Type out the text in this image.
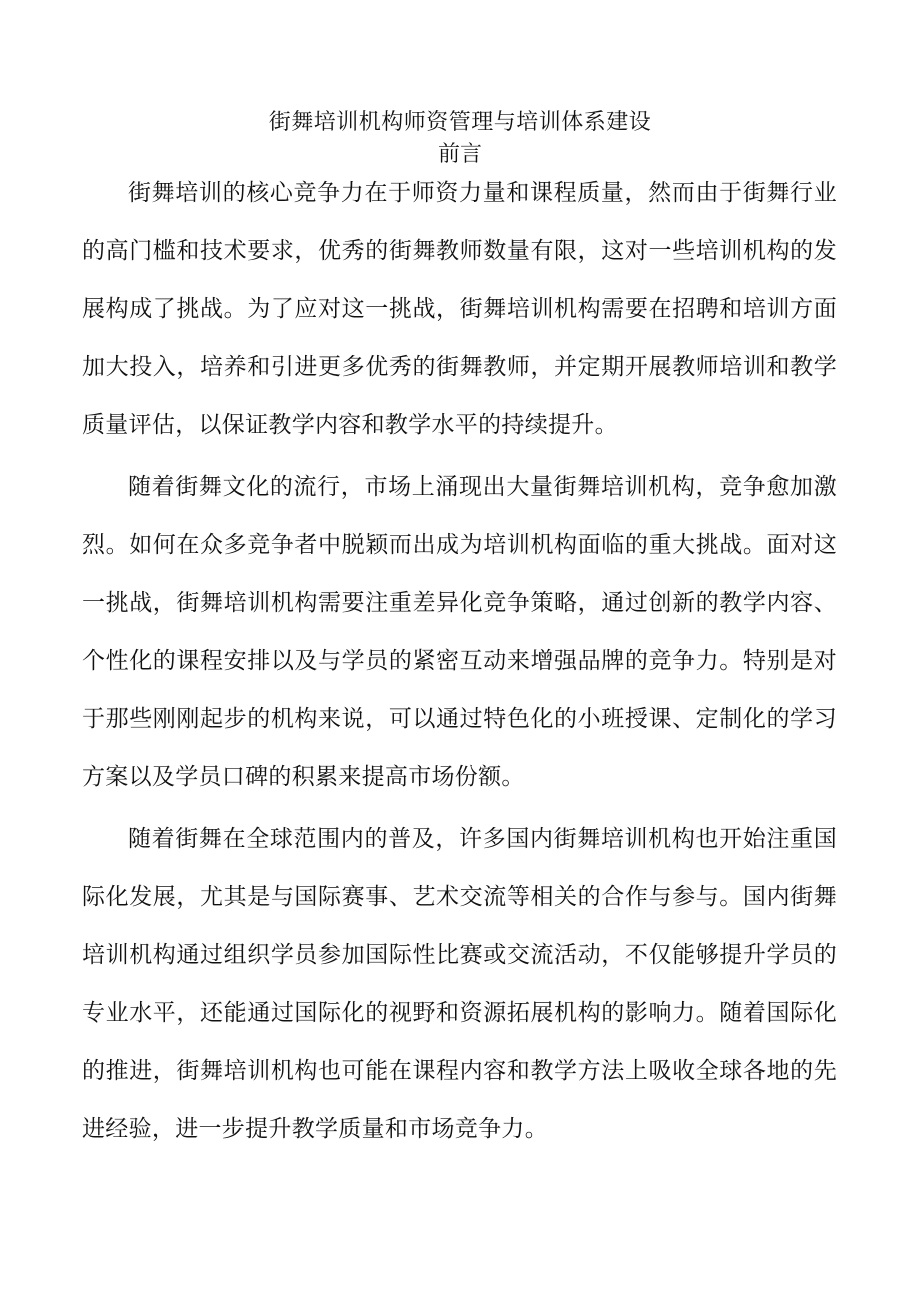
街舞培训机构师资管理与培训体系建设
前言

街舞培训的核心竞争力在于师资力量和课程质量，然而由于街舞行业的高门槛和技术要求，优秀的街舞教师数量有限，这对一些培训机构的发展构成了挑战。为了应对这一挑战，街舞培训机构需要在招聘和培训方面加大投入，培养和引进更多优秀的街舞教师，并定期开展教师培训和教学质量评估，以保证教学内容和教学水平的持续提升。

随着街舞文化的流行，市场上涌现出大量街舞培训机构，竞争愈加激烈。如何在众多竞争者中脱颖而出成为培训机构面临的重大挑战。面对这一挑战，街舞培训机构需要注重差异化竞争策略，通过创新的教学内容、个性化的课程安排以及与学员的紧密互动来增强品牌的竞争力。特别是对于那些刚刚起步的机构来说，可以通过特色化的小班授课、定制化的学习方案以及学员口碑的积累来提高市场份额。

随着街舞在全球范围内的普及，许多国内街舞培训机构也开始注重国际化发展，尤其是与国际赛事、艺术交流等相关的合作与参与。国内街舞培训机构通过组织学员参加国际性比赛或交流活动，不仅能够提升学员的专业水平，还能通过国际化的视野和资源拓展机构的影响力。随着国际化的推进，街舞培训机构也可能在课程内容和教学方法上吸收全球各地的先进经验，进一步提升教学质量和市场竞争力。
